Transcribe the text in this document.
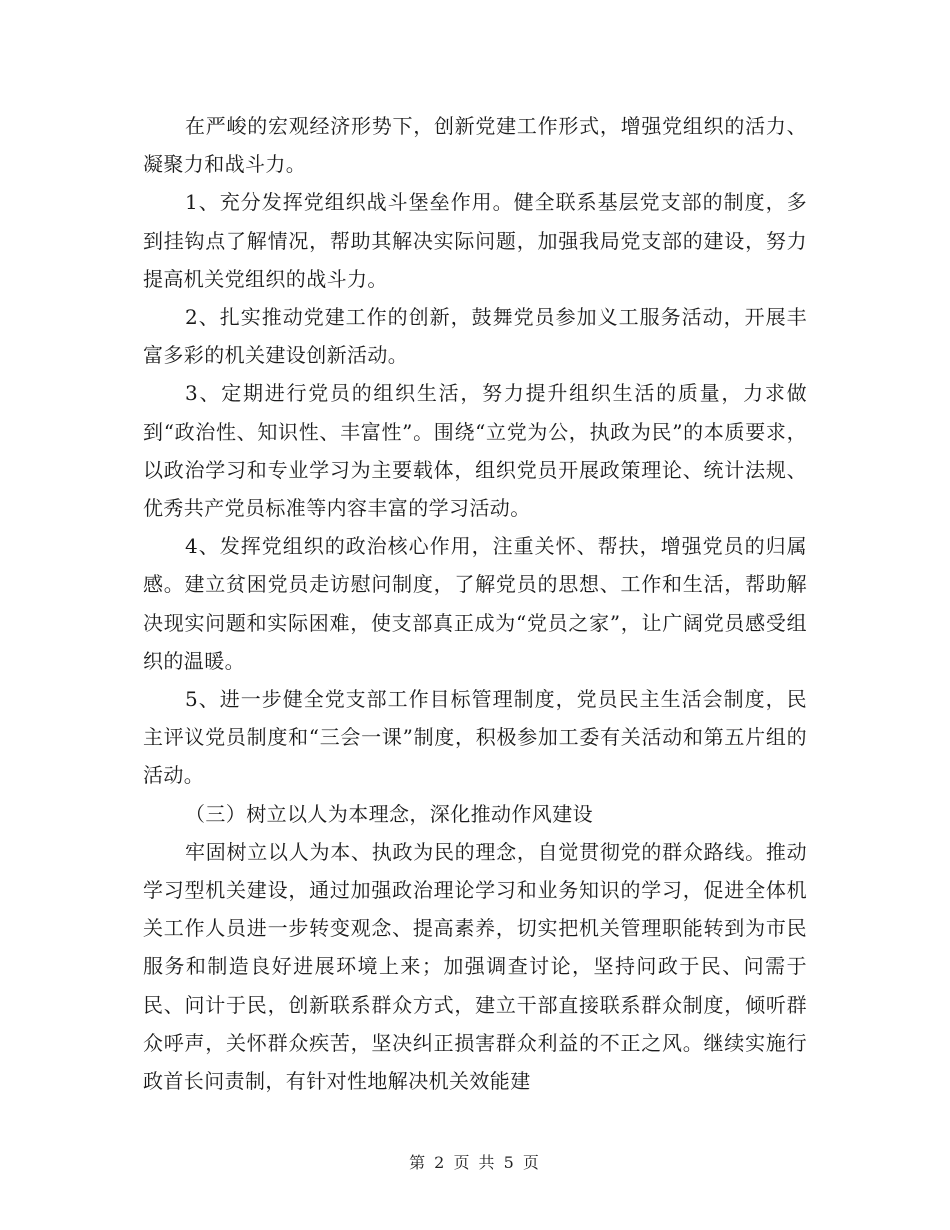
在严峻的宏观经济形势下，创新党建工作形式，增强党组织的活力、凝聚力和战斗力。

1、充分发挥党组织战斗堡垒作用。健全联系基层党支部的制度，多到挂钩点了解情况，帮助其解决实际问题，加强我局党支部的建设，努力提高机关党组织的战斗力。

2、扎实推动党建工作的创新，鼓舞党员参加义工服务活动，开展丰富多彩的机关建设创新活动。

3、定期进行党员的组织生活，努力提升组织生活的质量，力求做到“政治性、知识性、丰富性”。围绕“立党为公，执政为民”的本质要求，以政治学习和专业学习为主要载体，组织党员开展政策理论、统计法规、优秀共产党员标准等内容丰富的学习活动。

4、发挥党组织的政治核心作用，注重关怀、帮扶，增强党员的归属感。建立贫困党员走访慰问制度，了解党员的思想、工作和生活，帮助解决现实问题和实际困难，使支部真正成为“党员之家”，让广阔党员感受组织的温暖。

5、进一步健全党支部工作目标管理制度，党员民主生活会制度，民主评议党员制度和“三会一课”制度，积极参加工委有关活动和第五片组的活动。

（三）树立以人为本理念，深化推动作风建设

牢固树立以人为本、执政为民的理念，自觉贯彻党的群众路线。推动学习型机关建设，通过加强政治理论学习和业务知识的学习，促进全体机关工作人员进一步转变观念、提高素养，切实把机关管理职能转到为市民服务和制造良好进展环境上来；加强调查讨论，坚持问政于民、问需于民、问计于民，创新联系群众方式，建立干部直接联系群众制度，倾听群众呼声，关怀群众疾苦，坚决纠正损害群众利益的不正之风。继续实施行政首长问责制，有针对性地解决机关效能建

第 2 页 共 5 页
